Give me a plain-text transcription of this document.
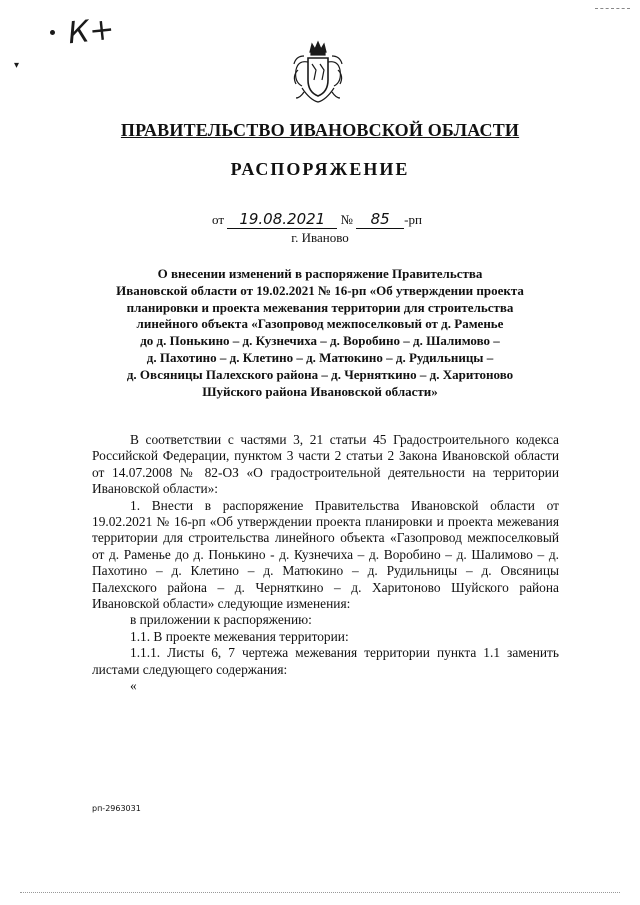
К+
▾
ПРАВИТЕЛЬСТВО ИВАНОВСКОЙ ОБЛАСТИ
РАСПОРЯЖЕНИЕ
от 19.08.2021 № 85 -рп
г. Иваново
О внесении изменений в распоряжение Правительства
Ивановской области от 19.02.2021 № 16-рп «Об утверждении проекта
планировки и проекта межевания территории для строительства
линейного объекта «Газопровод межпоселковый от д. Раменье
до д. Понькино – д. Кузнечиха – д. Воробино – д. Шалимово –
д. Пахотино – д. Клетино – д. Матюкино – д. Рудильницы –
д. Овсяницы Палехского района – д. Черняткино – д. Харитоново
Шуйского района Ивановской области»

В соответствии с частями 3, 21 статьи 45 Градостроительного кодекса Российской Федерации, пунктом 3 части 2 статьи 2 Закона Ивановской области от 14.07.2008 № 82-ОЗ «О градостроительной деятельности на территории Ивановской области»:

1. Внести в распоряжение Правительства Ивановской области от 19.02.2021 № 16-рп «Об утверждении проекта планировки и проекта межевания территории для строительства линейного объекта «Газопровод межпоселковый от д. Раменье до д. Понькино - д. Кузнечиха – д. Воробино – д. Шалимово – д. Пахотино – д. Клетино – д. Матюкино – д. Рудильницы – д. Овсяницы Палехского района – д. Черняткино – д. Харитоново Шуйского района Ивановской области» следующие изменения:

в приложении к распоряжению:

1.1. В проекте межевания территории:

1.1.1. Листы 6, 7 чертежа межевания территории пункта 1.1 заменить листами следующего содержания:

«

рп-2963031
